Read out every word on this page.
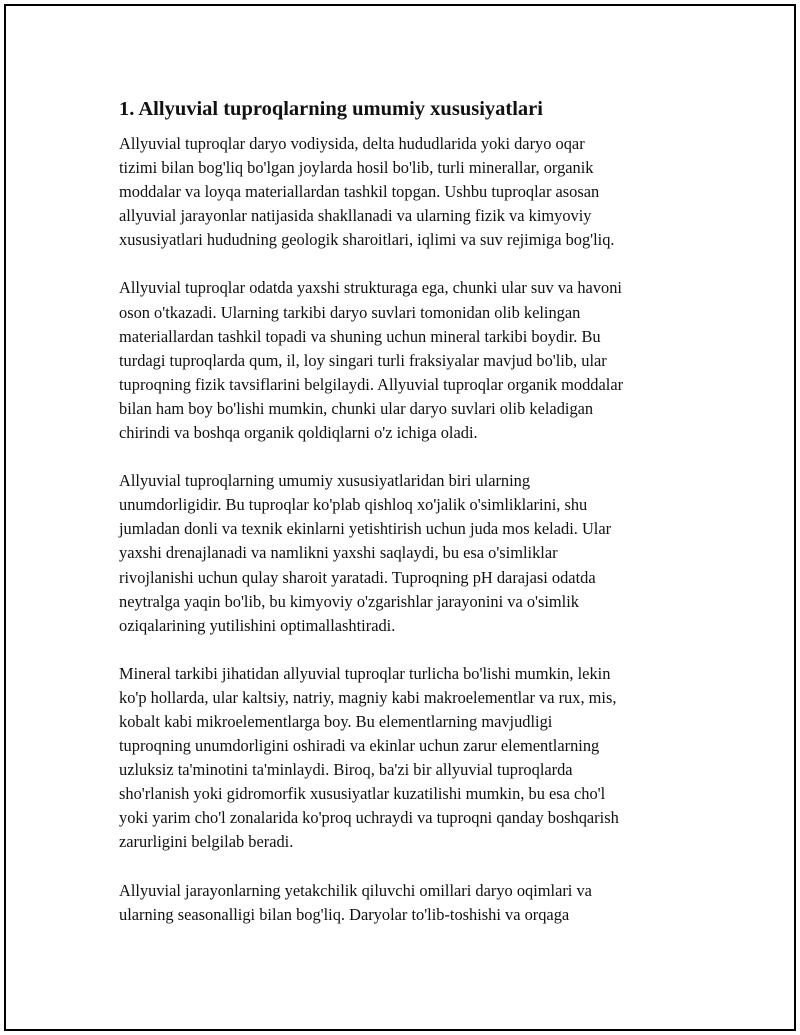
1. Allyuvial tuproqlarning umumiy xususiyatlari

Allyuvial tuproqlar daryo vodiysida, delta hududlarida yoki daryo oqar
tizimi bilan bog'liq bo'lgan joylarda hosil bo'lib, turli minerallar, organik
moddalar va loyqa materiallardan tashkil topgan. Ushbu tuproqlar asosan
allyuvial jarayonlar natijasida shakllanadi va ularning fizik va kimyoviy
xususiyatlari hududning geologik sharoitlari, iqlimi va suv rejimiga bog'liq.

Allyuvial tuproqlar odatda yaxshi strukturaga ega, chunki ular suv va havoni
oson o'tkazadi. Ularning tarkibi daryo suvlari tomonidan olib kelingan
materiallardan tashkil topadi va shuning uchun mineral tarkibi boydir. Bu
turdagi tuproqlarda qum, il, loy singari turli fraksiyalar mavjud bo'lib, ular
tuproqning fizik tavsiflarini belgilaydi. Allyuvial tuproqlar organik moddalar
bilan ham boy bo'lishi mumkin, chunki ular daryo suvlari olib keladigan
chirindi va boshqa organik qoldiqlarni o'z ichiga oladi.

Allyuvial tuproqlarning umumiy xususiyatlaridan biri ularning
unumdorligidir. Bu tuproqlar ko'plab qishloq xo'jalik o'simliklarini, shu
jumladan donli va texnik ekinlarni yetishtirish uchun juda mos keladi. Ular
yaxshi drenajlanadi va namlikni yaxshi saqlaydi, bu esa o'simliklar
rivojlanishi uchun qulay sharoit yaratadi. Tuproqning pH darajasi odatda
neytralga yaqin bo'lib, bu kimyoviy o'zgarishlar jarayonini va o'simlik
oziqalarining yutilishini optimallashtiradi.

Mineral tarkibi jihatidan allyuvial tuproqlar turlicha bo'lishi mumkin, lekin
ko'p hollarda, ular kaltsiy, natriy, magniy kabi makroelementlar va rux, mis,
kobalt kabi mikroelementlarga boy. Bu elementlarning mavjudligi
tuproqning unumdorligini oshiradi va ekinlar uchun zarur elementlarning
uzluksiz ta'minotini ta'minlaydi. Biroq, ba'zi bir allyuvial tuproqlarda
sho'rlanish yoki gidromorfik xususiyatlar kuzatilishi mumkin, bu esa cho'l
yoki yarim cho'l zonalarida ko'proq uchraydi va tuproqni qanday boshqarish
zarurligini belgilab beradi.

Allyuvial jarayonlarning yetakchilik qiluvchi omillari daryo oqimlari va
ularning seasonalligi bilan bog'liq. Daryolar to'lib-toshishi va orqaga
